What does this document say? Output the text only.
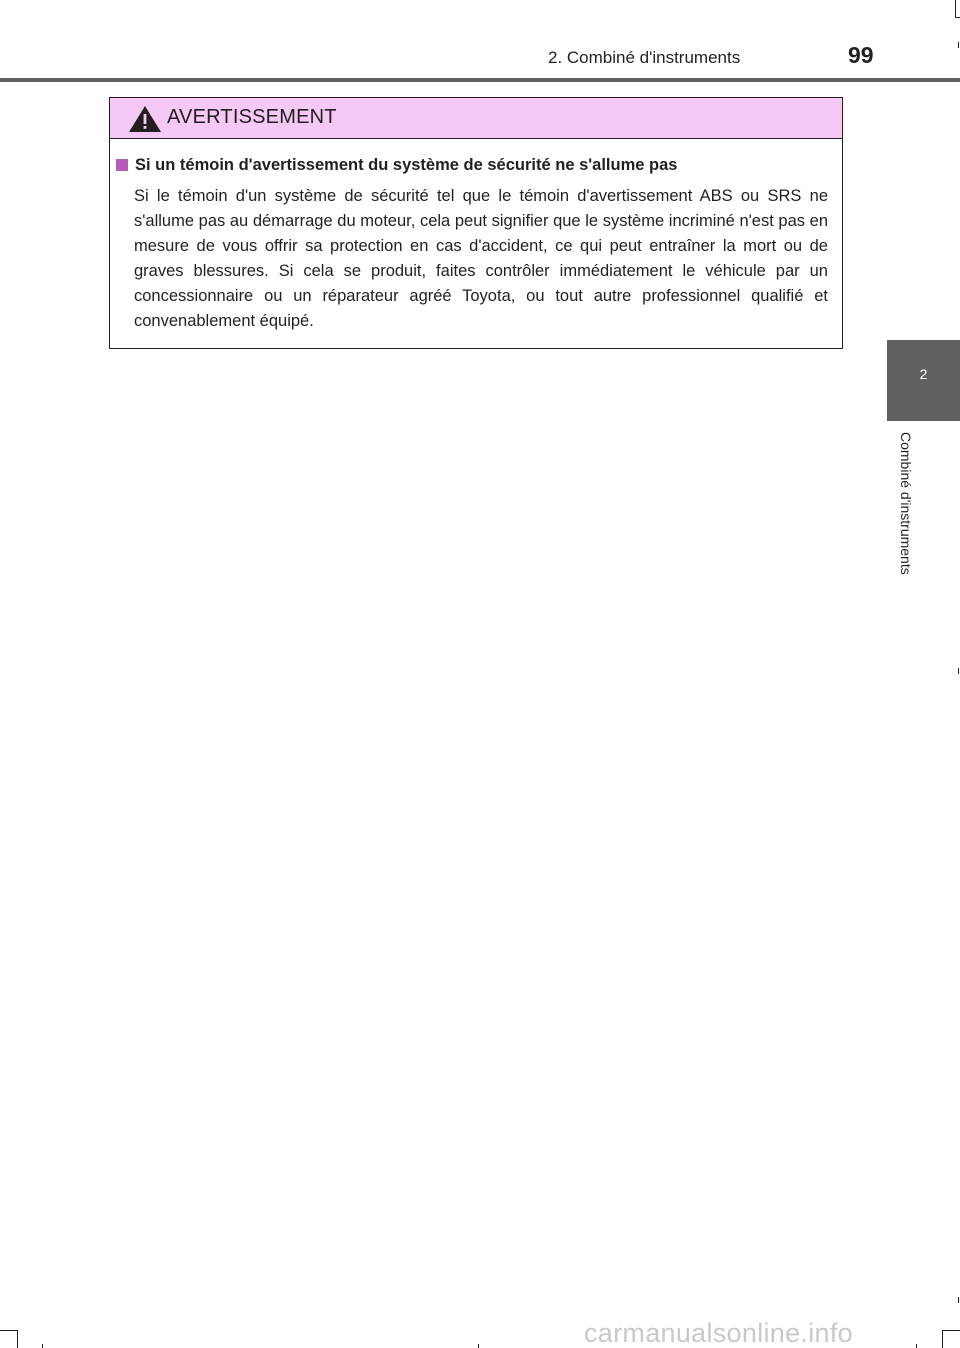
2. Combiné d'instruments	99
AVERTISSEMENT
Si un témoin d'avertissement du système de sécurité ne s'allume pas
Si le témoin d'un système de sécurité tel que le témoin d'avertissement ABS ou SRS ne s'allume pas au démarrage du moteur, cela peut signifier que le système incriminé n'est pas en mesure de vous offrir sa protection en cas d'accident, ce qui peut entraîner la mort ou de graves blessures. Si cela se produit, faites contrôler immédiatement le véhicule par un concessionnaire ou un réparateur agréé Toyota, ou tout autre professionnel qualifié et convenablement équipé.
2
Combiné d'instruments
carmanualsonline.info
